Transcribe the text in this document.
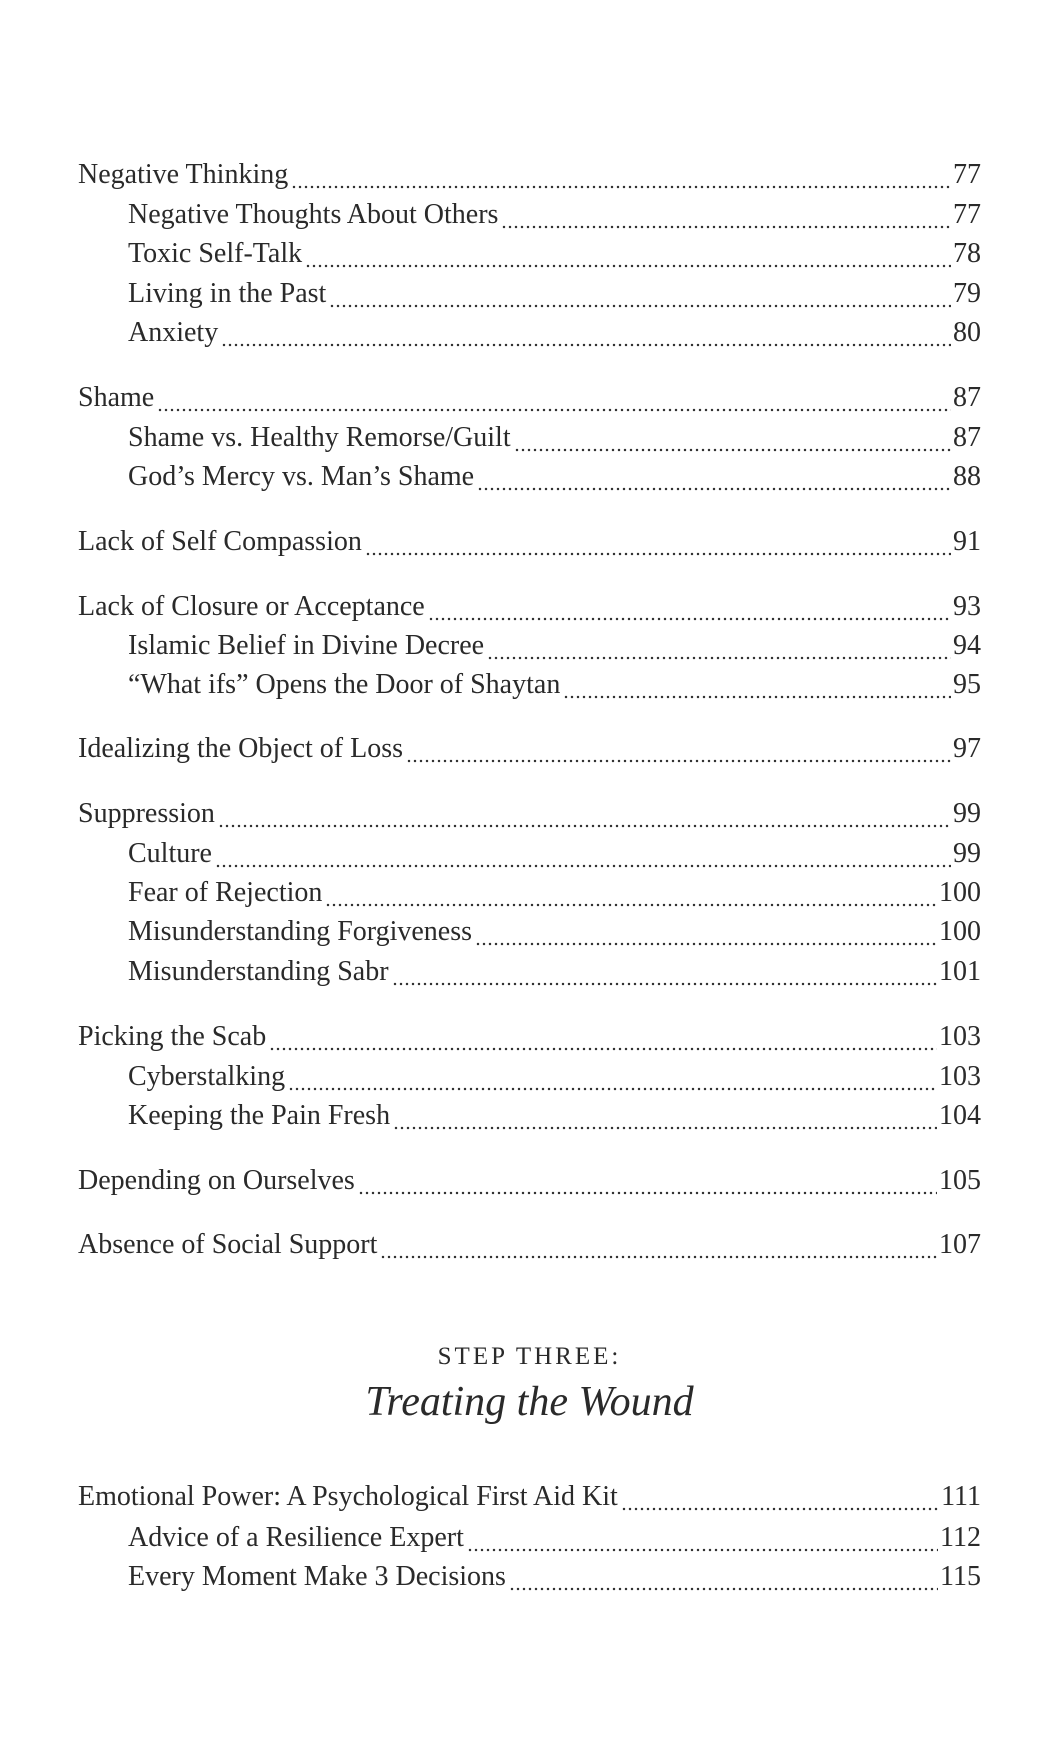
Negative Thinking	77
Negative Thoughts About Others	77
Toxic Self-Talk	78
Living in the Past	79
Anxiety	80
Shame	87
Shame vs. Healthy Remorse/Guilt	87
God’s Mercy vs. Man’s Shame	88
Lack of Self Compassion	91
Lack of Closure or Acceptance	93
Islamic Belief in Divine Decree	94
“What ifs” Opens the Door of Shaytan	95
Idealizing the Object of Loss	97
Suppression	99
Culture	99
Fear of Rejection	100
Misunderstanding Forgiveness	100
Misunderstanding Sabr	101
Picking the Scab	103
Cyberstalking	103
Keeping the Pain Fresh	104
Depending on Ourselves	105
Absence of Social Support	107
Emotional Power: A Psychological First Aid Kit	111
Advice of a Resilience Expert	112
Every Moment Make 3 Decisions	115
STEP THREE:
Treating the Wound
